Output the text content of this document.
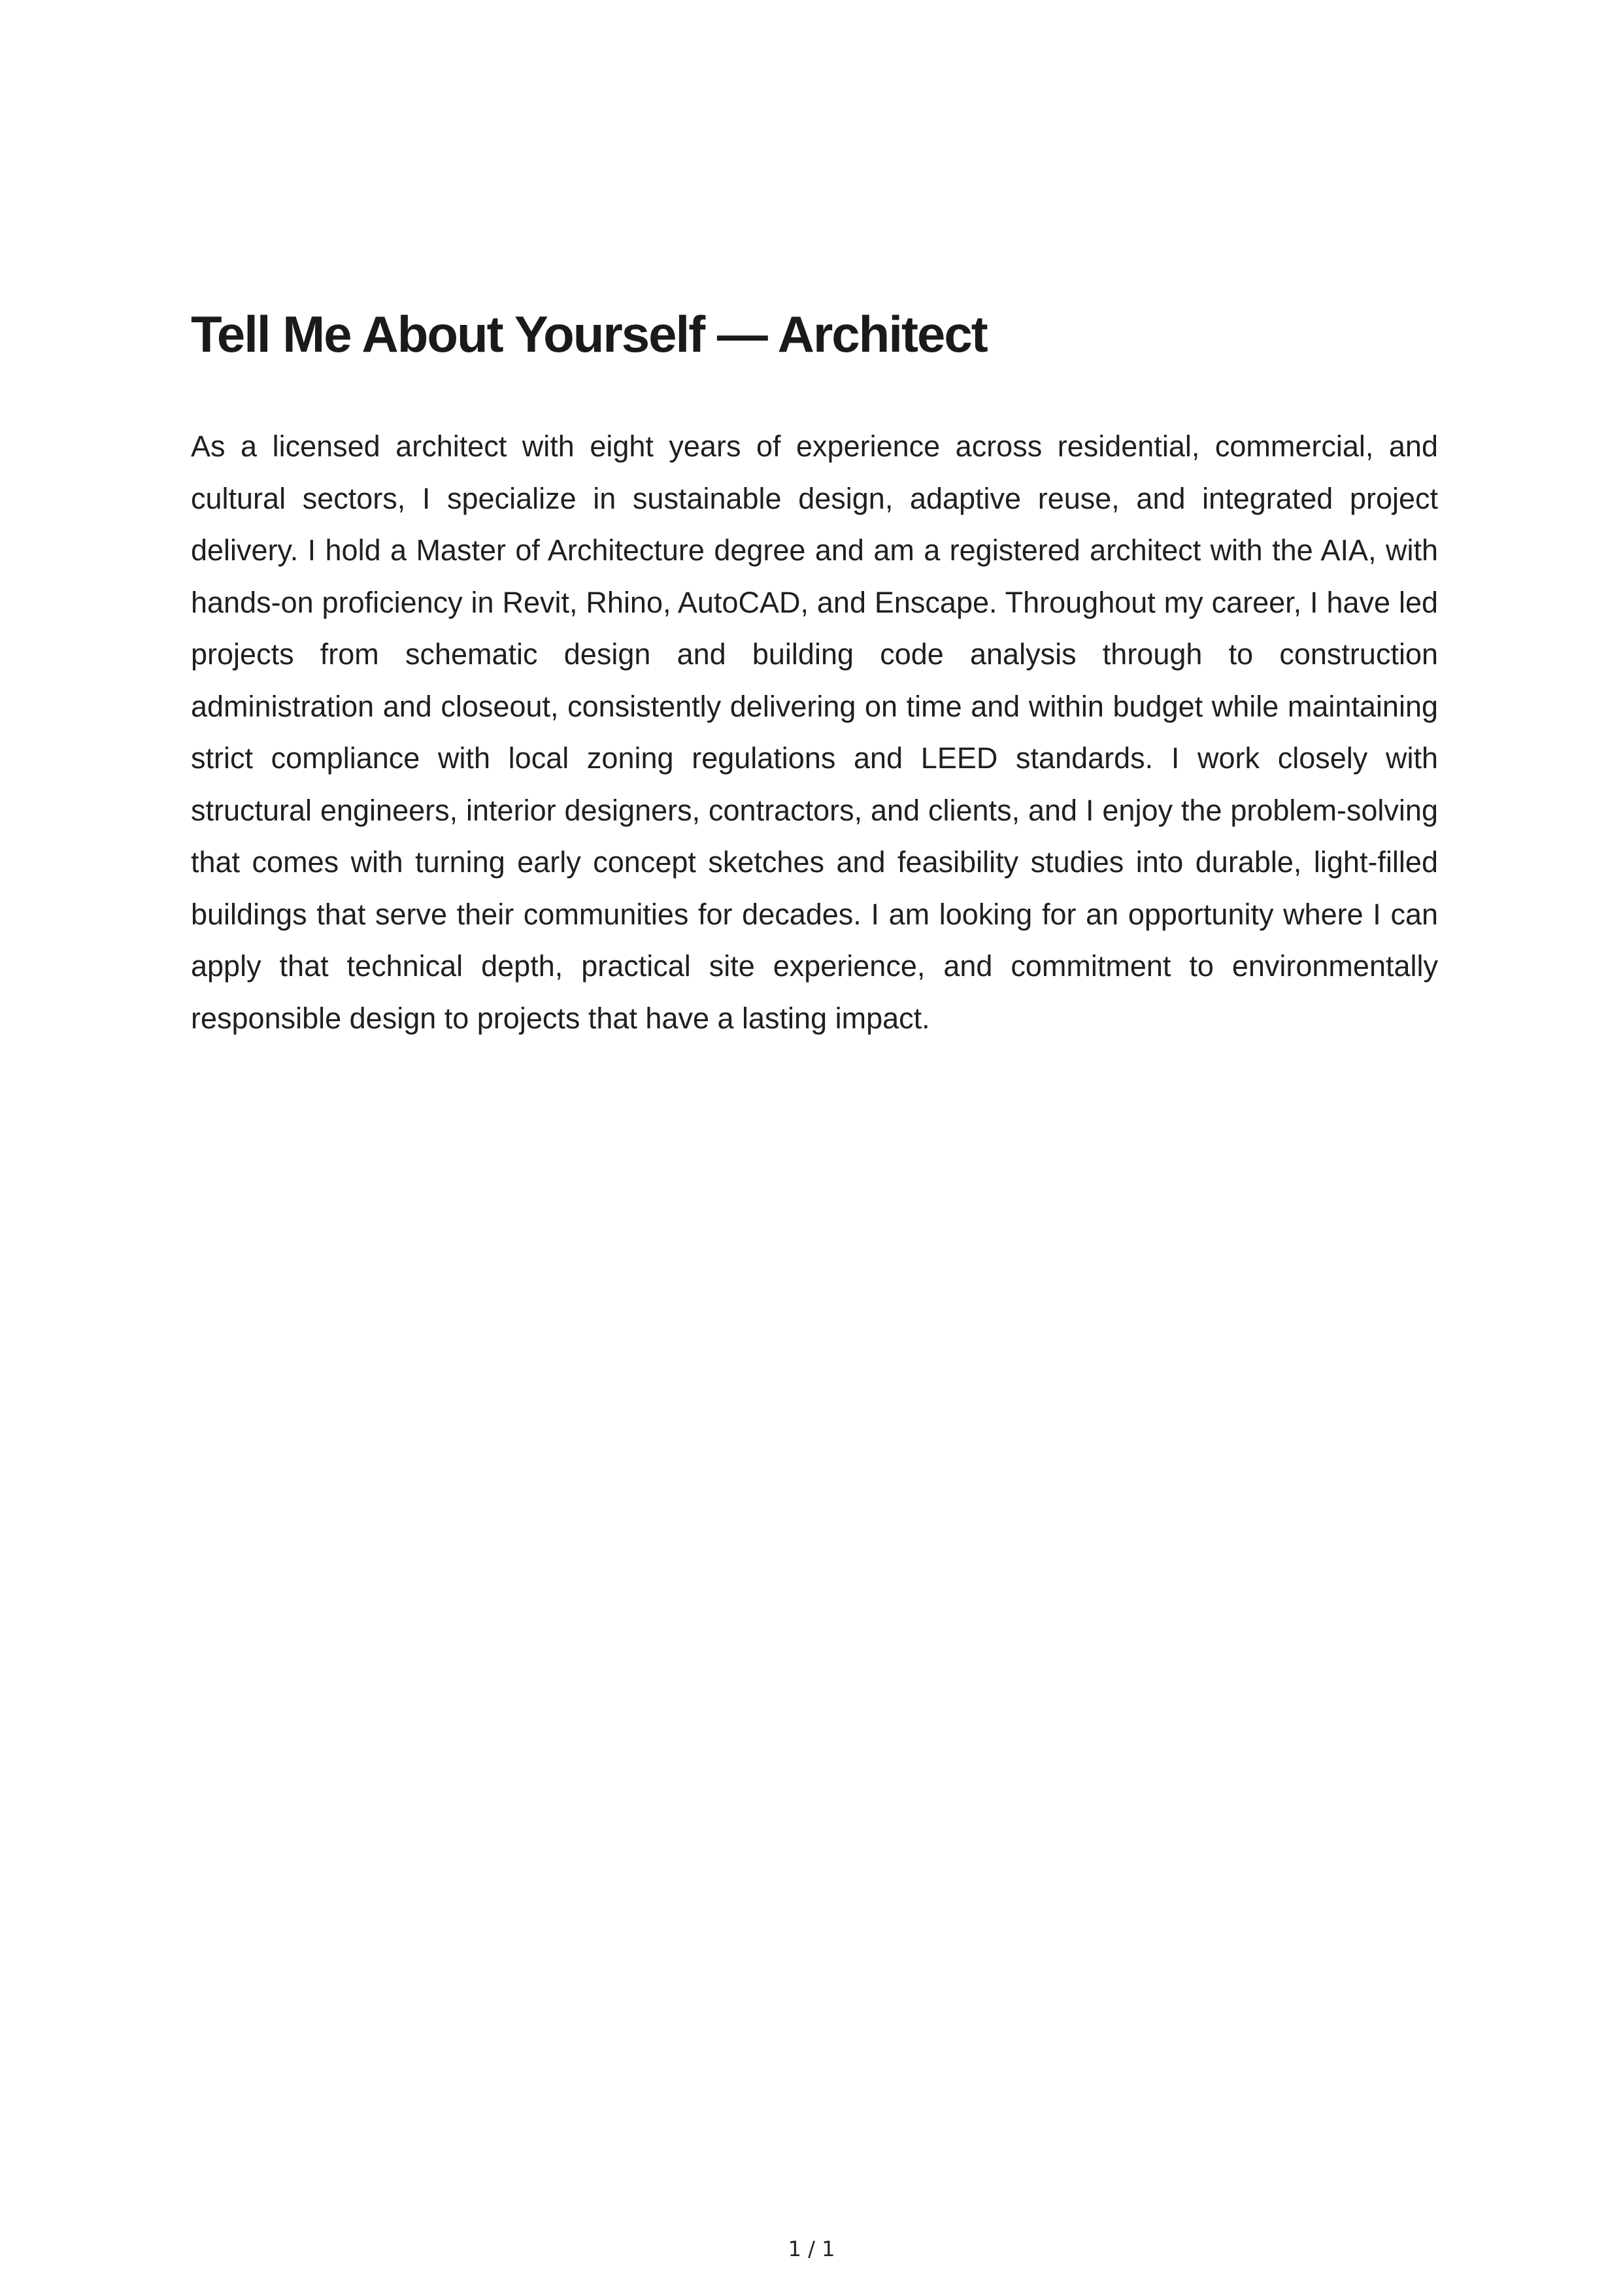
Tell Me About Yourself — Architect

As a licensed architect with eight years of experience across residential, commercial, and cultural sectors, I specialize in sustainable design, adaptive reuse, and integrated project delivery. I hold a Master of Architecture degree and am a registered architect with the AIA, with hands-on proficiency in Revit, Rhino, AutoCAD, and Enscape. Throughout my career, I have led projects from schematic design and building code analysis through to construction administration and closeout, consistently delivering on time and within budget while maintaining strict compliance with local zoning regulations and LEED standards. I work closely with structural engineers, interior designers, contractors, and clients, and I enjoy the problem-solving that comes with turning early concept sketches and feasibility studies into durable, light-filled buildings that serve their communities for decades. I am looking for an opportunity where I can apply that technical depth, practical site experience, and commitment to environmentally responsible design to projects that have a lasting impact.

1 / 1
